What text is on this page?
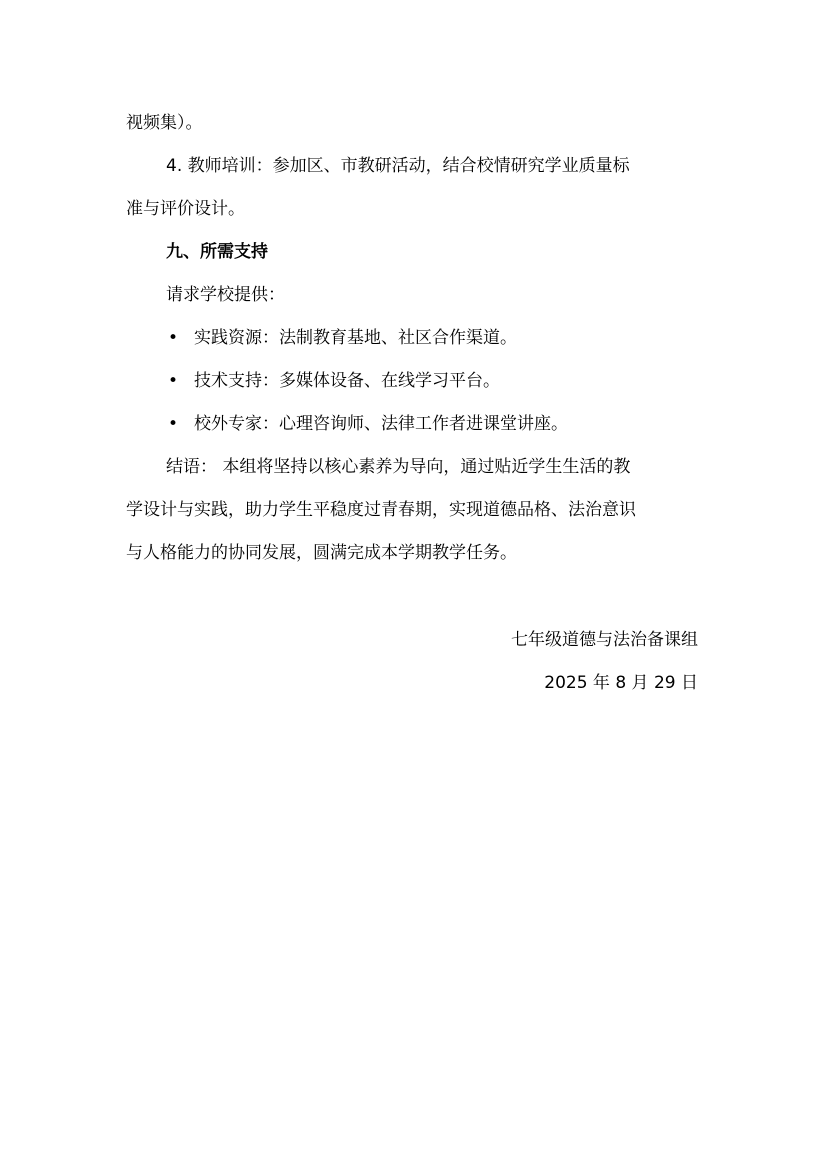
视频集）。
4. 教师培训：参加区、市教研活动，结合校情研究学业质量标
准与评价设计。
九、所需支持
请求学校提供：
• 实践资源：法制教育基地、社区合作渠道。
• 技术支持：多媒体设备、在线学习平台。
• 校外专家：心理咨询师、法律工作者进课堂讲座。
结语： 本组将坚持以核心素养为导向，通过贴近学生生活的教
学设计与实践，助力学生平稳度过青春期，实现道德品格、法治意识
与人格能力的协同发展，圆满完成本学期教学任务。
七年级道德与法治备课组
2025 年 8 月 29 日
